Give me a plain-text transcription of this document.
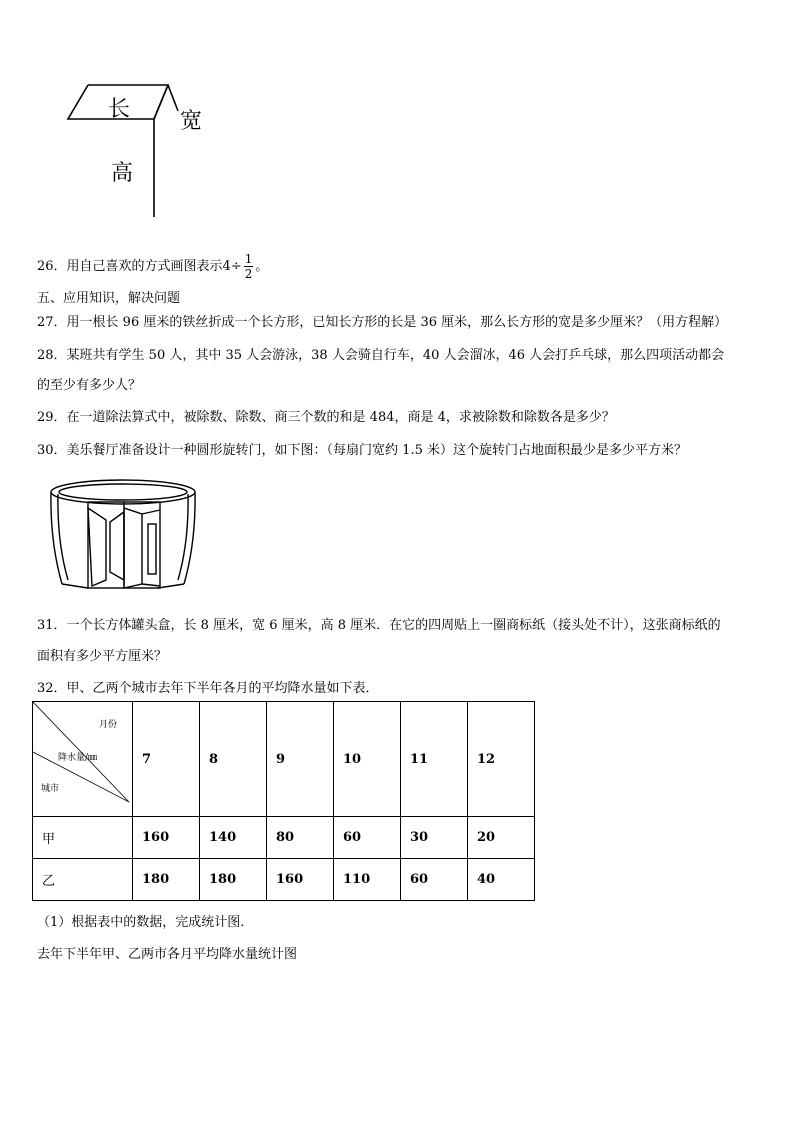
长 宽
高
26．用自己喜欢的方式画图表示$4\div \frac{1}{2}$ 。
五、应用知识，解决问题
27．用一根长 96 厘米的铁丝折成一个长方形，已知长方形的长是 36 厘米，那么长方形的宽是多少厘米？（用方程解）
28．某班共有学生 50 人，其中 35 人会游泳，38 人会骑自行车，40 人会溜冰，46 人会打乒乓球，那么四项活动都会
的至少有多少人？
29．在一道除法算式中，被除数、除数、商三个数的和是 484，商是 4，求被除数和除数各是多少？
30．美乐餐厅准备设计一种圆形旋转门，如下图：（每扇门宽约 1.5 米）这个旋转门占地面积最少是多少平方米？
31．一个长方体罐头盒，长 8 厘米，宽 6 厘米，高 8 厘米．在它的四周贴上一圈商标纸（接头处不计），这张商标纸的
面积有多少平方厘米？
32．甲、乙两个城市去年下半年各月的平均降水量如下表．
月份
降水量/㎜
城市	7	8	9	10	11	12
甲	160	140	80	60	30	20
乙	180	180	160	110	60	40
（1）根据表中的数据，完成统计图．
去年下半年甲、乙两市各月平均降水量统计图
